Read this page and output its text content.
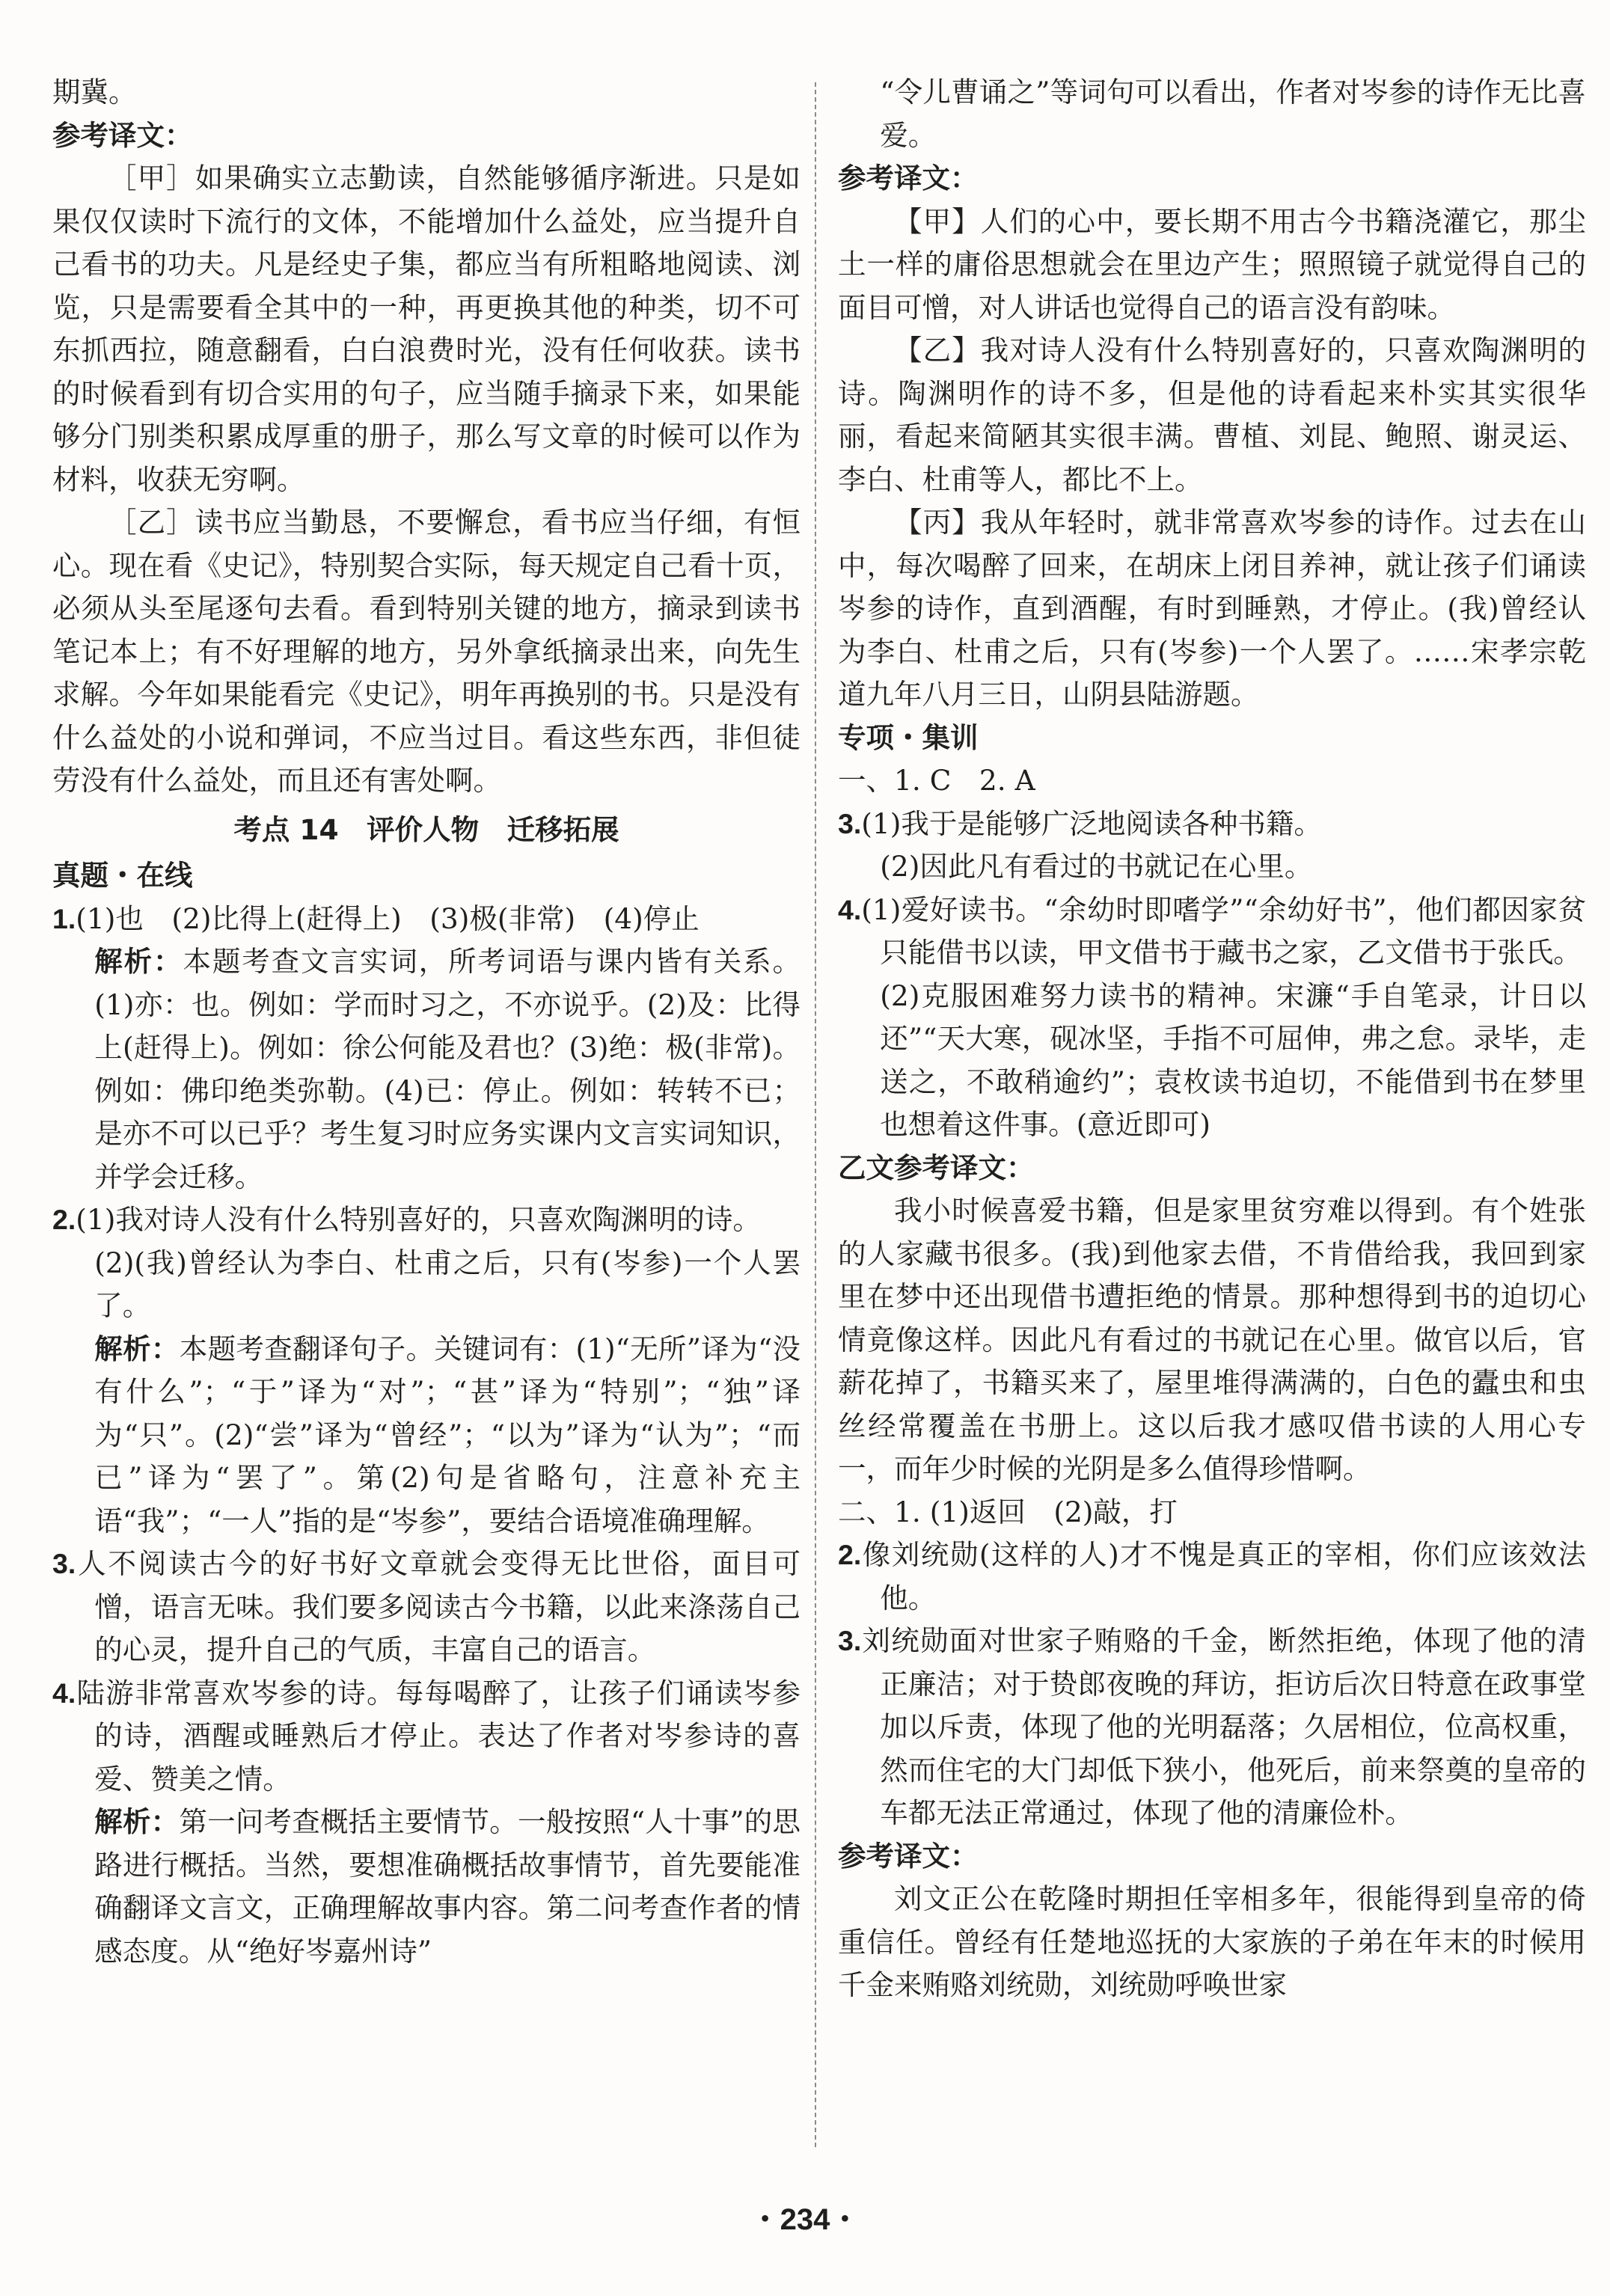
期冀。

参考译文：

［甲］如果确实立志勤读，自然能够循序渐进。只是如果仅仅读时下流行的文体，不能增加什么益处，应当提升自己看书的功夫。凡是经史子集，都应当有所粗略地阅读、浏览，只是需要看全其中的一种，再更换其他的种类，切不可东抓西拉，随意翻看，白白浪费时光，没有任何收获。读书的时候看到有切合实用的句子，应当随手摘录下来，如果能够分门别类积累成厚重的册子，那么写文章的时候可以作为材料，收获无穷啊。

［乙］读书应当勤恳，不要懈怠，看书应当仔细，有恒心。现在看《史记》，特别契合实际，每天规定自己看十页，必须从头至尾逐句去看。看到特别关键的地方，摘录到读书笔记本上；有不好理解的地方，另外拿纸摘录出来，向先生求解。今年如果能看完《史记》，明年再换别的书。只是没有什么益处的小说和弹词，不应当过目。看这些东西，非但徒劳没有什么益处，而且还有害处啊。

考点 14　评价人物　迁移拓展

真题・在线

1.(1)也　(2)比得上(赶得上)　(3)极(非常)　(4)停止

解析：本题考查文言实词，所考词语与课内皆有关系。(1)亦：也。例如：学而时习之，不亦说乎。(2)及：比得上(赶得上)。例如：徐公何能及君也？(3)绝：极(非常)。例如：佛印绝类弥勒。(4)已：停止。例如：转转不已；是亦不可以已乎？考生复习时应务实课内文言实词知识，并学会迁移。

2.(1)我对诗人没有什么特别喜好的，只喜欢陶渊明的诗。

(2)(我)曾经认为李白、杜甫之后，只有(岑参)一个人罢了。

解析：本题考查翻译句子。关键词有：(1)“无所”译为“没有什么”；“于”译为“对”；“甚”译为“特别”；“独”译为“只”。(2)“尝”译为“曾经”；“以为”译为“认为”；“而已”译为“罢了”。第(2)句是省略句，注意补充主语“我”；“一人”指的是“岑参”，要结合语境准确理解。

3.人不阅读古今的好书好文章就会变得无比世俗，面目可憎，语言无味。我们要多阅读古今书籍，以此来涤荡自己的心灵，提升自己的气质，丰富自己的语言。

4.陆游非常喜欢岑参的诗。每每喝醉了，让孩子们诵读岑参的诗，酒醒或睡熟后才停止。表达了作者对岑参诗的喜爱、赞美之情。

解析：第一问考查概括主要情节。一般按照“人十事”的思路进行概括。当然，要想准确概括故事情节，首先要能准确翻译文言文，正确理解故事内容。第二问考查作者的情感态度。从“绝好岑嘉州诗”

“令儿曹诵之”等词句可以看出，作者对岑参的诗作无比喜爱。

参考译文：

【甲】人们的心中，要长期不用古今书籍浇灌它，那尘土一样的庸俗思想就会在里边产生；照照镜子就觉得自己的面目可憎，对人讲话也觉得自己的语言没有韵味。

【乙】我对诗人没有什么特别喜好的，只喜欢陶渊明的诗。陶渊明作的诗不多，但是他的诗看起来朴实其实很华丽，看起来简陋其实很丰满。曹植、刘昆、鲍照、谢灵运、李白、杜甫等人，都比不上。

【丙】我从年轻时，就非常喜欢岑参的诗作。过去在山中，每次喝醉了回来，在胡床上闭目养神，就让孩子们诵读岑参的诗作，直到酒醒，有时到睡熟，才停止。(我)曾经认为李白、杜甫之后，只有(岑参)一个人罢了。……宋孝宗乾道九年八月三日，山阴县陆游题。

专项・集训

一、1. C　2. A

3.(1)我于是能够广泛地阅读各种书籍。

(2)因此凡有看过的书就记在心里。

4.(1)爱好读书。“余幼时即嗜学”“余幼好书”，他们都因家贫只能借书以读，甲文借书于藏书之家，乙文借书于张氏。

(2)克服困难努力读书的精神。宋濂“手自笔录，计日以还”“天大寒，砚冰坚，手指不可屈伸，弗之怠。录毕，走送之，不敢稍逾约”；袁枚读书迫切，不能借到书在梦里也想着这件事。(意近即可)

乙文参考译文：

我小时候喜爱书籍，但是家里贫穷难以得到。有个姓张的人家藏书很多。(我)到他家去借，不肯借给我，我回到家里在梦中还出现借书遭拒绝的情景。那种想得到书的迫切心情竟像这样。因此凡有看过的书就记在心里。做官以后，官薪花掉了，书籍买来了，屋里堆得满满的，白色的蠹虫和虫丝经常覆盖在书册上。这以后我才感叹借书读的人用心专一，而年少时候的光阴是多么值得珍惜啊。

二、1. (1)返回　(2)敲，打

2.像刘统勋(这样的人)才不愧是真正的宰相，你们应该效法他。

3.刘统勋面对世家子贿赂的千金，断然拒绝，体现了他的清正廉洁；对于贽郎夜晚的拜访，拒访后次日特意在政事堂加以斥责，体现了他的光明磊落；久居相位，位高权重，然而住宅的大门却低下狭小，他死后，前来祭奠的皇帝的车都无法正常通过，体现了他的清廉俭朴。

参考译文：

刘文正公在乾隆时期担任宰相多年，很能得到皇帝的倚重信任。曾经有任楚地巡抚的大家族的子弟在年末的时候用千金来贿赂刘统勋，刘统勋呼唤世家

・234・
